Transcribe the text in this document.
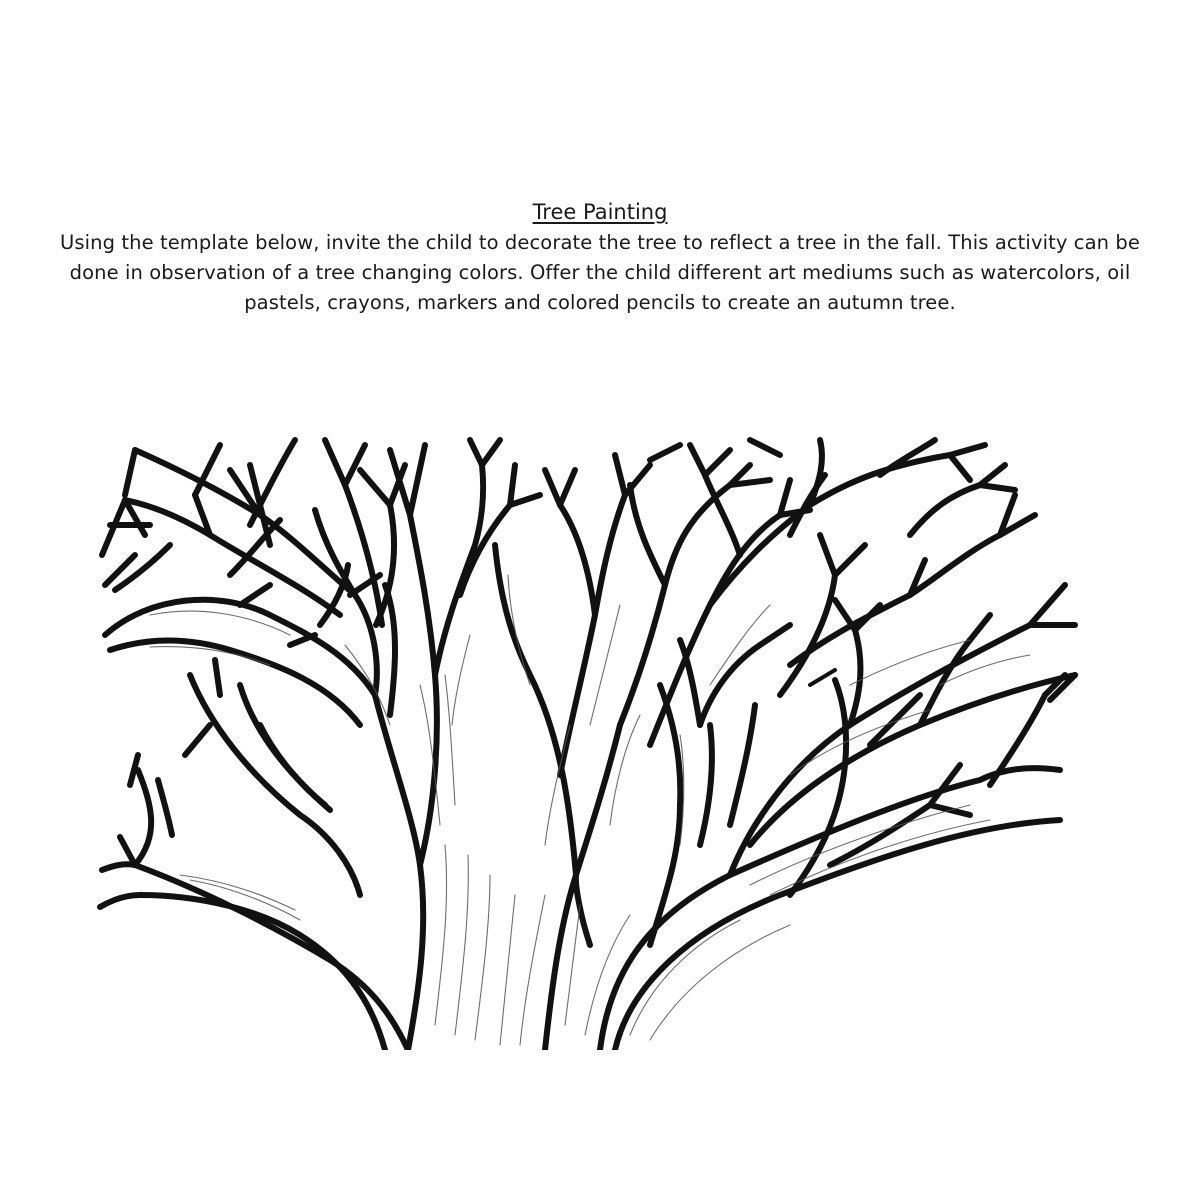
Tree Painting
Using the template below, invite the child to decorate the tree to reflect a tree in the fall. This activity can be done in observation of a tree changing colors. Offer the child different art mediums such as watercolors, oil pastels, crayons, markers and colored pencils to create an autumn tree.
